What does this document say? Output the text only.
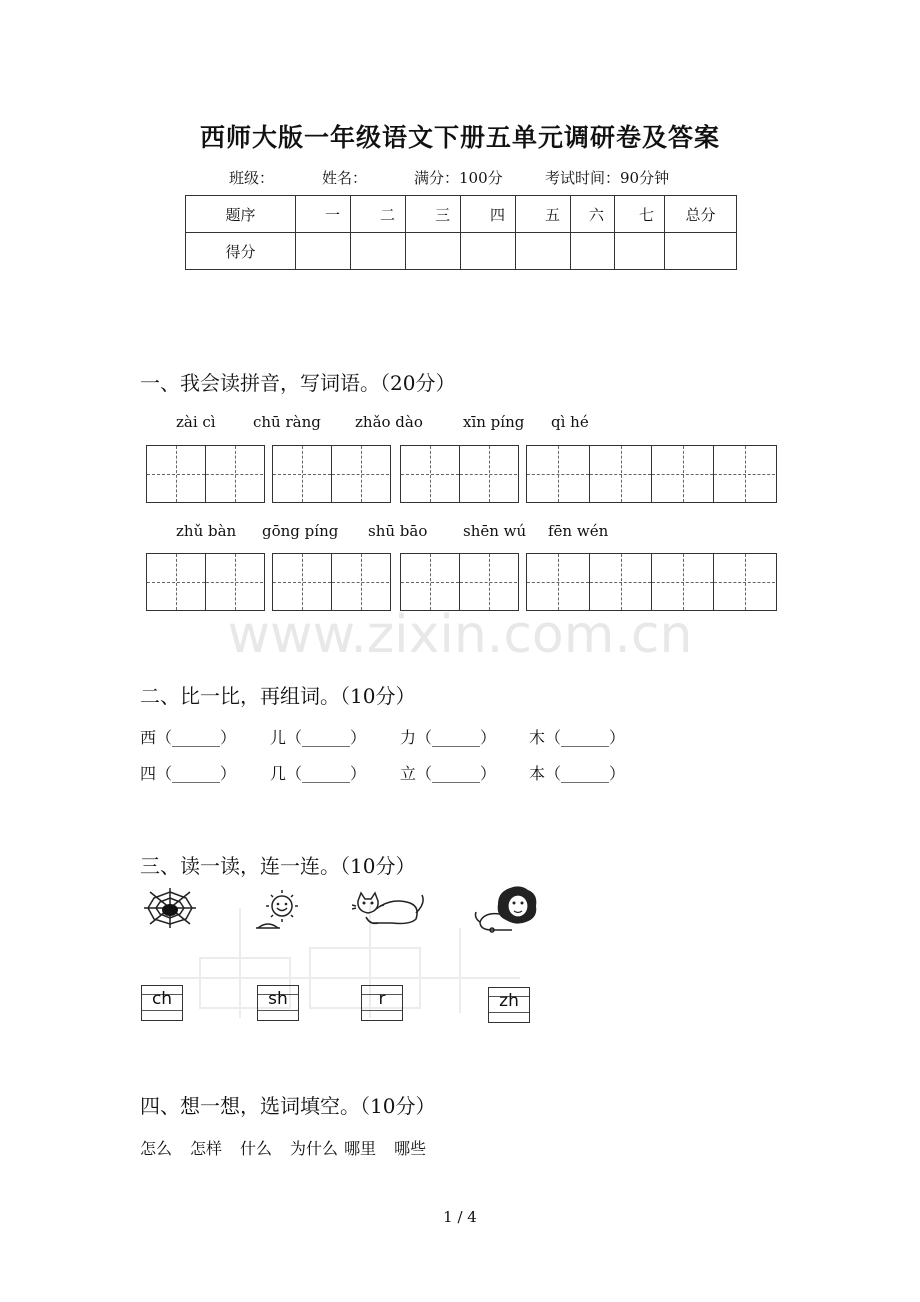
西师大版一年级语文下册五单元调研卷及答案
班级：	姓名：	满分：100分	考试时间：90分钟
题序	一	二	三	四	五	六	七	总分
得分								
一、我会读拼音，写词语。（20分）
zài cì chū ràng zhǎo dào	xīn píng qì hé
zhǔ bàn gōng píng shū bāo shēn wú fēn wén
www.zixin.com.cn
二、比一比，再组词。（10分）
西（______） 儿（______） 力（______） 木（______）
四（______） 几（______） 立（______） 本（______）
三、读一读，连一连。（10分）
ch	sh	r	zh
四、想一想，选词填空。（10分）
怎么 怎样 什么 为什么 哪里 哪些
1 / 4
